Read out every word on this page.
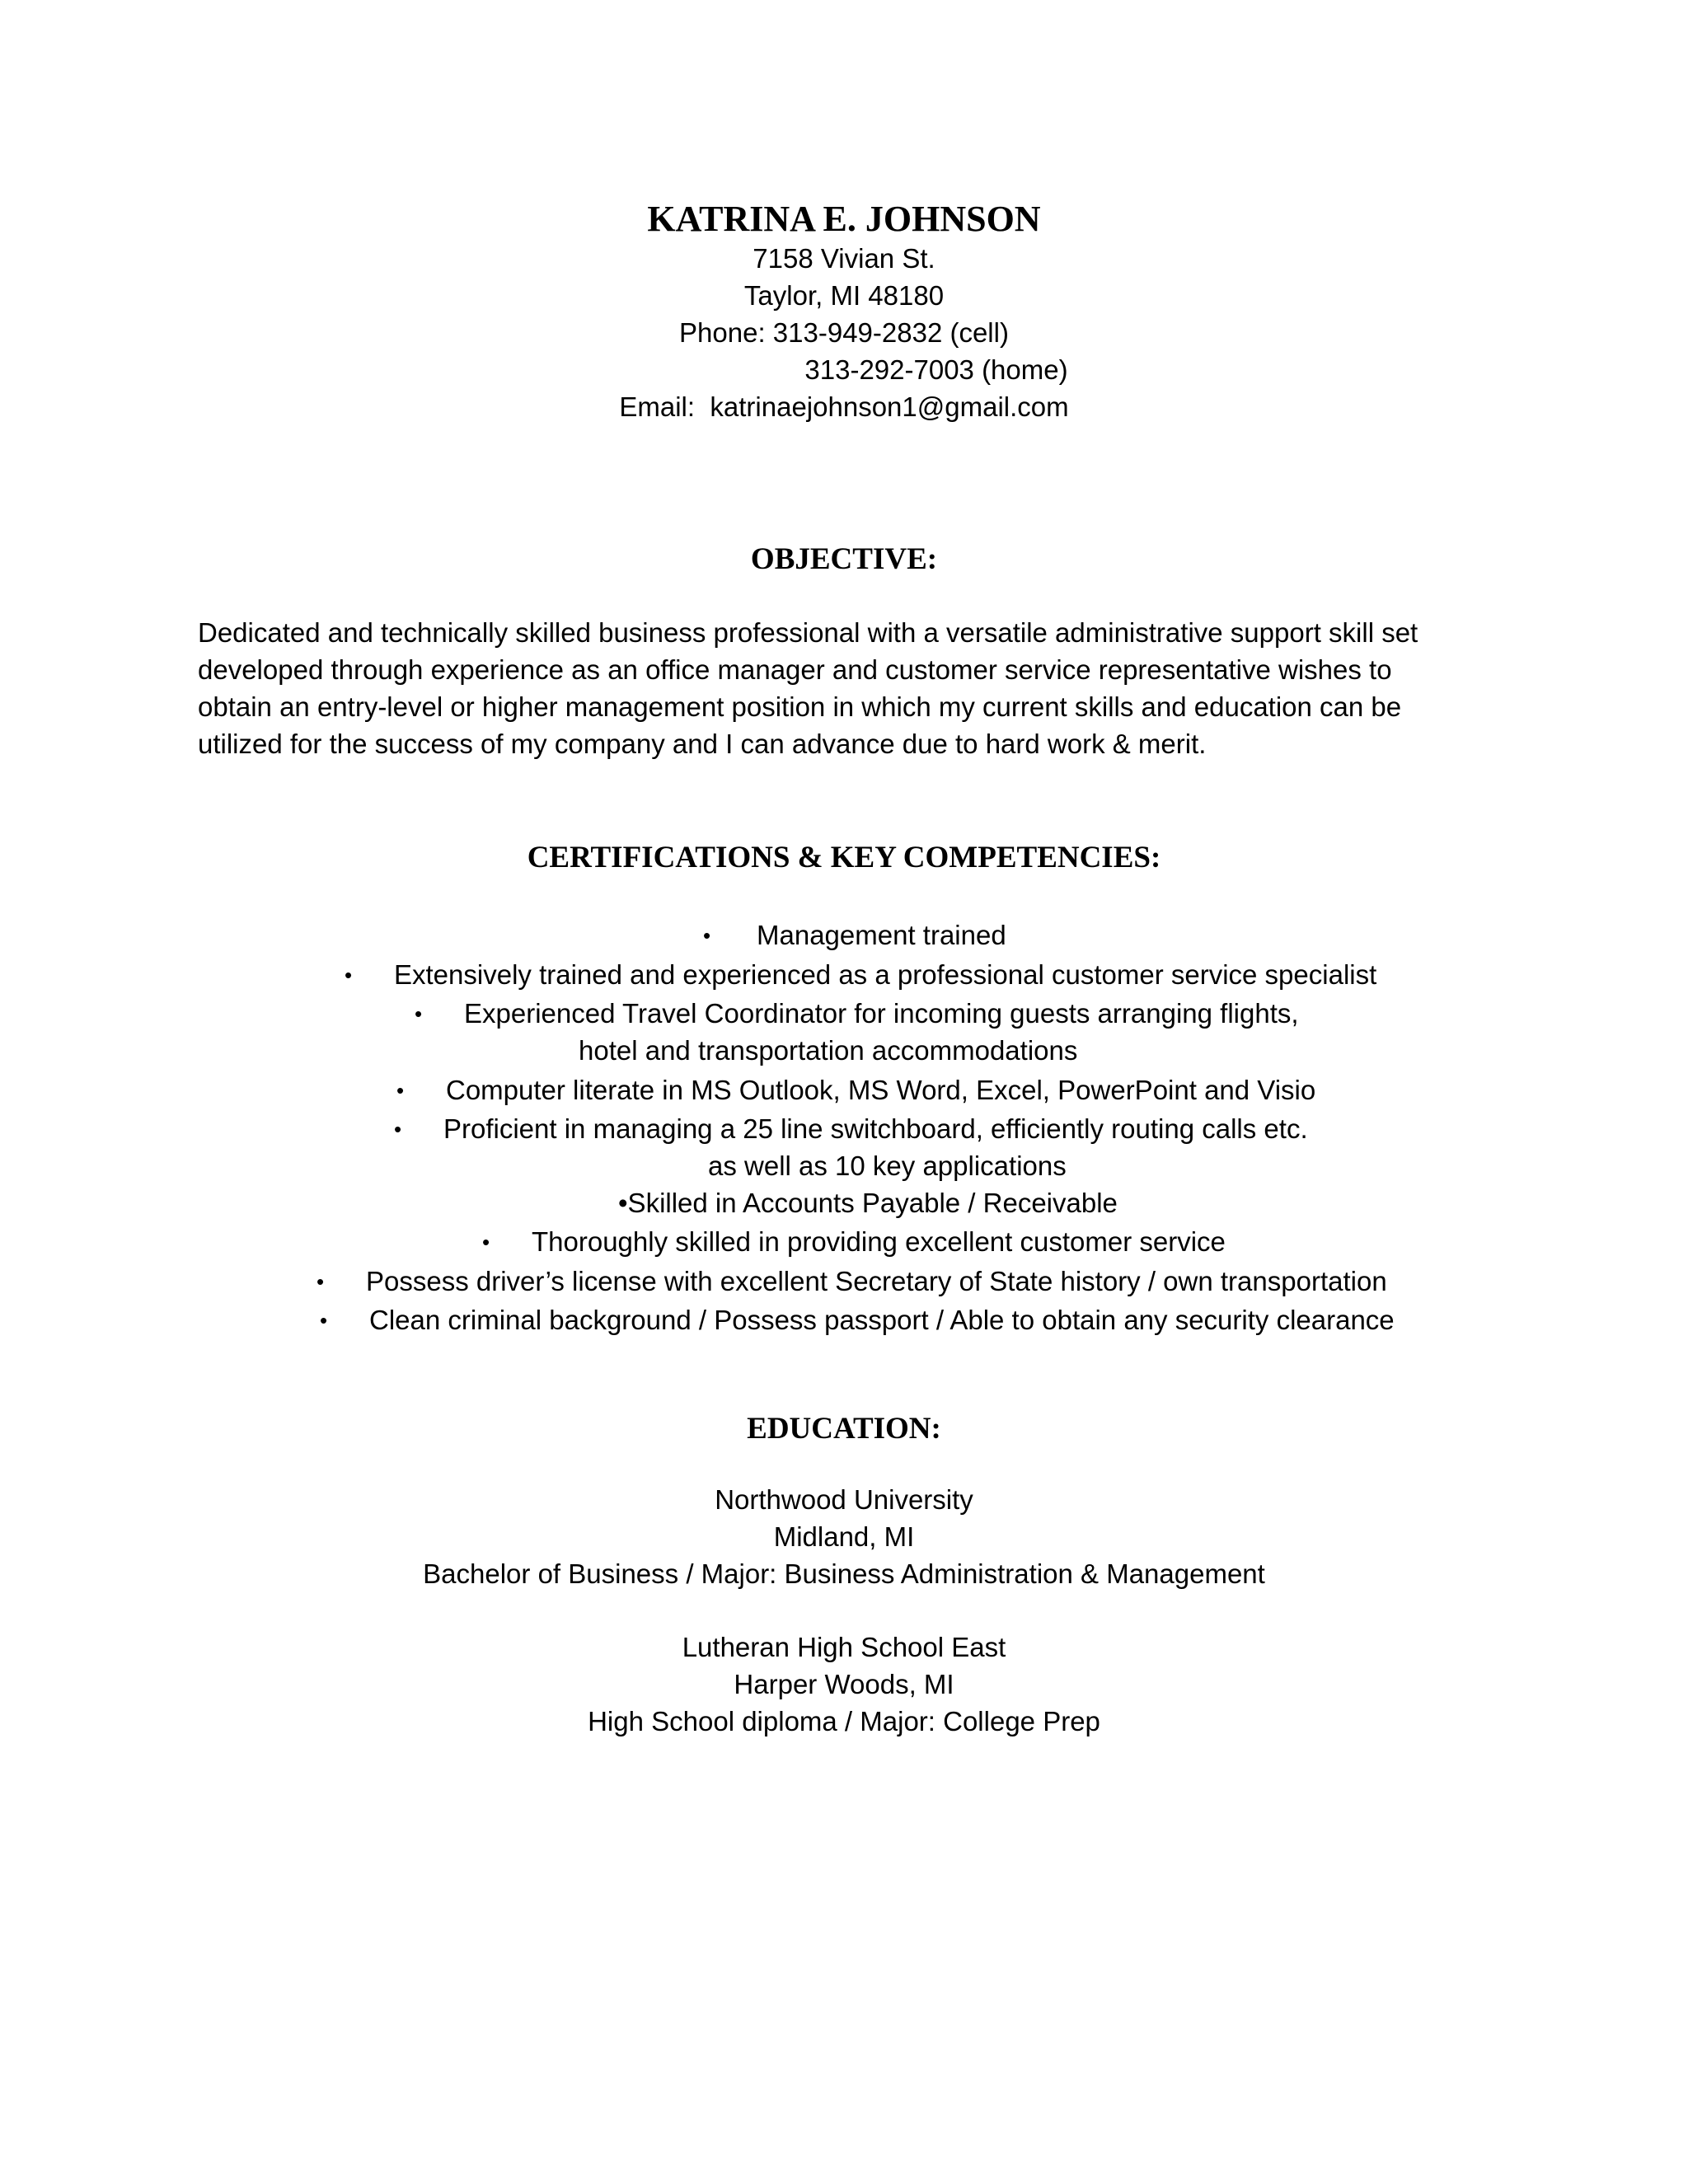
KATRINA E. JOHNSON
7158 Vivian St.
Taylor, MI 48180
Phone: 313-949-2832 (cell)
313-292-7003 (home)
Email:  katrinaejohnson1@gmail.com
OBJECTIVE:

Dedicated and technically skilled business professional with a versatile administrative support skill set
developed through experience as an office manager and customer service representative wishes to
obtain an entry-level or higher management position in which my current skills and education can be
utilized for the success of my company and I can advance due to hard work & merit.

CERTIFICATIONS & KEY COMPETENCIES:
• Management trained
• Extensively trained and experienced as a professional customer service specialist
• Experienced Travel Coordinator for incoming guests arranging flights,
hotel and transportation accommodations
• Computer literate in MS Outlook, MS Word, Excel, PowerPoint and Visio
• Proficient in managing a 25 line switchboard, efficiently routing calls etc.
as well as 10 key applications
•Skilled in Accounts Payable / Receivable
• Thoroughly skilled in providing excellent customer service
• Possess driver’s license with excellent Secretary of State history / own transportation
• Clean criminal background / Possess passport / Able to obtain any security clearance
EDUCATION:
Northwood University
Midland, MI
Bachelor of Business / Major: Business Administration & Management
Lutheran High School East
Harper Woods, MI
High School diploma / Major: College Prep
